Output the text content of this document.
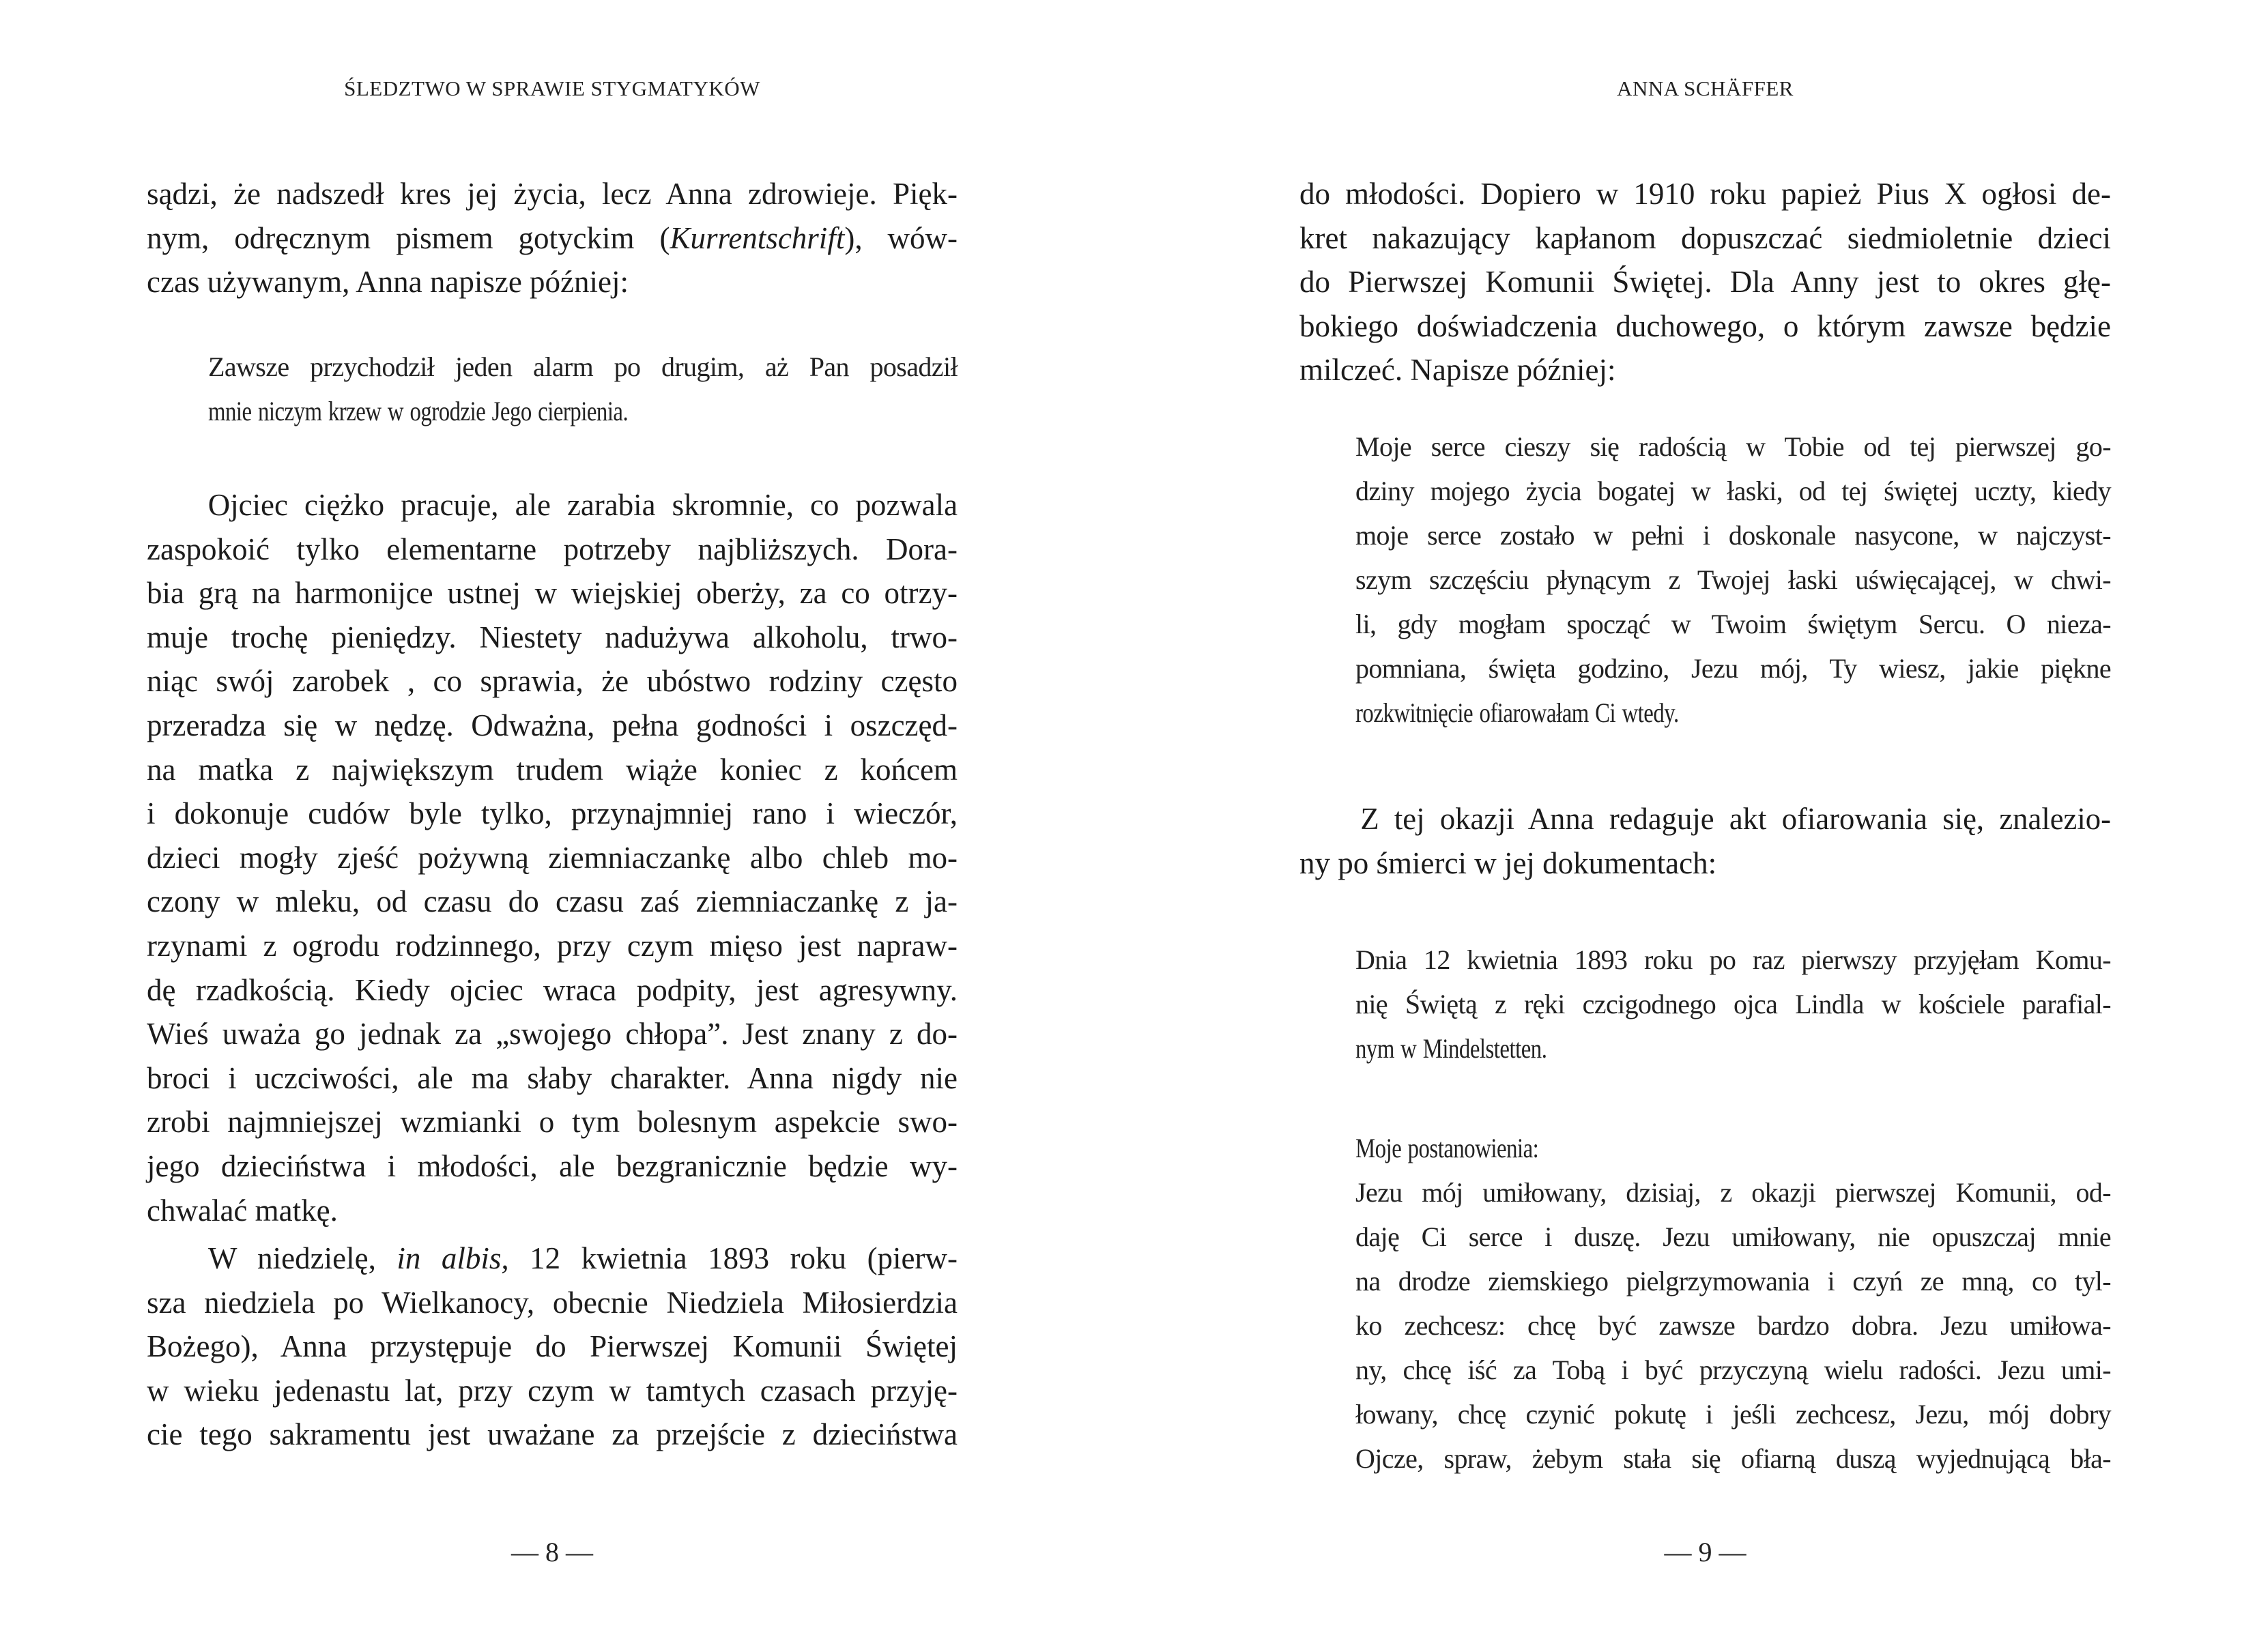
ŚLEDZTWO W SPRAWIE STYGMATYKÓW
sądzi, że nadszedł kres jej życia, lecz Anna zdrowieje. Pięk-
nym, odręcznym pismem gotyckim (Kurrentschrift), wów-
czas używanym, Anna napisze później:
Zawsze przychodził jeden alarm po drugim, aż Pan posadził
mnie niczym krzew w ogrodzie Jego cierpienia.
Ojciec ciężko pracuje, ale zarabia skromnie, co pozwala
zaspokoić tylko elementarne potrzeby najbliższych. Dora-
bia grą na harmonijce ustnej w wiejskiej oberży, za co otrzy-
muje trochę pieniędzy. Niestety nadużywa alkoholu, trwo-
niąc swój zarobek , co sprawia, że ubóstwo rodziny często
przeradza się w nędzę. Odważna, pełna godności i oszczęd-
na matka z największym trudem wiąże koniec z końcem
i dokonuje cudów byle tylko, przynajmniej rano i wieczór,
dzieci mogły zjeść pożywną ziemniaczankę albo chleb mo-
czony w mleku, od czasu do czasu zaś ziemniaczankę z ja-
rzynami z ogrodu rodzinnego, przy czym mięso jest napraw-
dę rzadkością. Kiedy ojciec wraca podpity, jest agresywny.
Wieś uważa go jednak za „swojego chłopa”. Jest znany z do-
broci i uczciwości, ale ma słaby charakter. Anna nigdy nie
zrobi najmniejszej wzmianki o tym bolesnym aspekcie swo-
jego dzieciństwa i młodości, ale bezgranicznie będzie wy-
chwalać matkę.
W niedzielę, in albis, 12 kwietnia 1893 roku (pierw-
sza niedziela po Wielkanocy, obecnie Niedziela Miłosierdzia
Bożego), Anna przystępuje do Pierwszej Komunii Świętej
w wieku jedenastu lat, przy czym w tamtych czasach przyję-
cie tego sakramentu jest uważane za przejście z dzieciństwa
— 8 —
ANNA SCHÄFFER
do młodości. Dopiero w 1910 roku papież Pius X ogłosi de-
kret nakazujący kapłanom dopuszczać siedmioletnie dzieci
do Pierwszej Komunii Świętej. Dla Anny jest to okres głę-
bokiego doświadczenia duchowego, o którym zawsze będzie
milczeć. Napisze później:
Moje serce cieszy się radością w Tobie od tej pierwszej go-
dziny mojego życia bogatej w łaski, od tej świętej uczty, kiedy
moje serce zostało w pełni i doskonale nasycone, w najczyst-
szym szczęściu płynącym z Twojej łaski uświęcającej, w chwi-
li, gdy mogłam spocząć w Twoim świętym Sercu. O nieza-
pomniana, święta godzino, Jezu mój, Ty wiesz, jakie piękne
rozkwitnięcie ofiarowałam Ci wtedy.
Z tej okazji Anna redaguje akt ofiarowania się, znalezio-
ny po śmierci w jej dokumentach:
Dnia 12 kwietnia 1893 roku po raz pierwszy przyjęłam Komu-
nię Świętą z ręki czcigodnego ojca Lindla w kościele parafial-
nym w Mindelstetten.
Moje postanowienia:
Jezu mój umiłowany, dzisiaj, z okazji pierwszej Komunii, od-
daję Ci serce i duszę. Jezu umiłowany, nie opuszczaj mnie
na drodze ziemskiego pielgrzymowania i czyń ze mną, co tyl-
ko zechcesz: chcę być zawsze bardzo dobra. Jezu umiłowa-
ny, chcę iść za Tobą i być przyczyną wielu radości. Jezu umi-
łowany, chcę czynić pokutę i jeśli zechcesz, Jezu, mój dobry
Ojcze, spraw, żebym stała się ofiarną duszą wyjednującą bła-
— 9 —
